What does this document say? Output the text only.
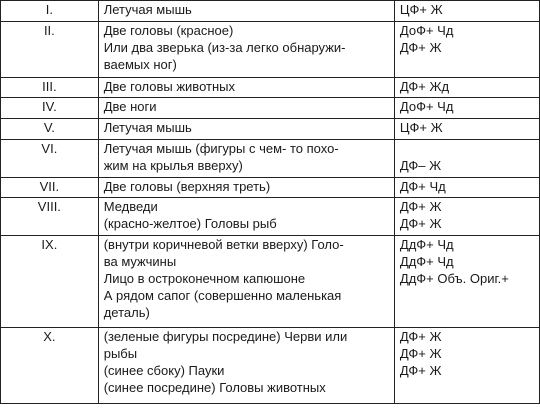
I.	Летучая мышь	ЦФ+ Ж

II.	Две головы (красное)
Или два зверька (из-за легко обнаружи-
ваемых ног)	ДоФ+ Чд
ДФ+ Ж

III.	Две головы животных	ДФ+ Жд

IV.	Две ноги	ДоФ+ Чд

V.	Летучая мышь	ЦФ+ Ж

VI.	Летучая мышь (фигуры с чем- то похо-
жим на крылья вверху)	ДФ– Ж

VII.	Две головы (верхняя треть)	ДФ+ Чд

VIII.	Медведи
(красно-желтое) Головы рыб	ДФ+ Ж
ДФ+ Ж

IX.	(внутри коричневой ветки вверху) Голо-
ва мужчины
Лицо в остроконечном капюшоне
А рядом сапог (совершенно маленькая
деталь)	ДдФ+ Чд
ДдФ+ Чд
ДдФ+ Объ. Ориг.+

X.	(зеленые фигуры посредине) Черви или
рыбы
(синее сбоку) Пауки
(синее посредине) Головы животных	ДФ+ Ж
ДФ+ Ж
ДФ+ Ж
